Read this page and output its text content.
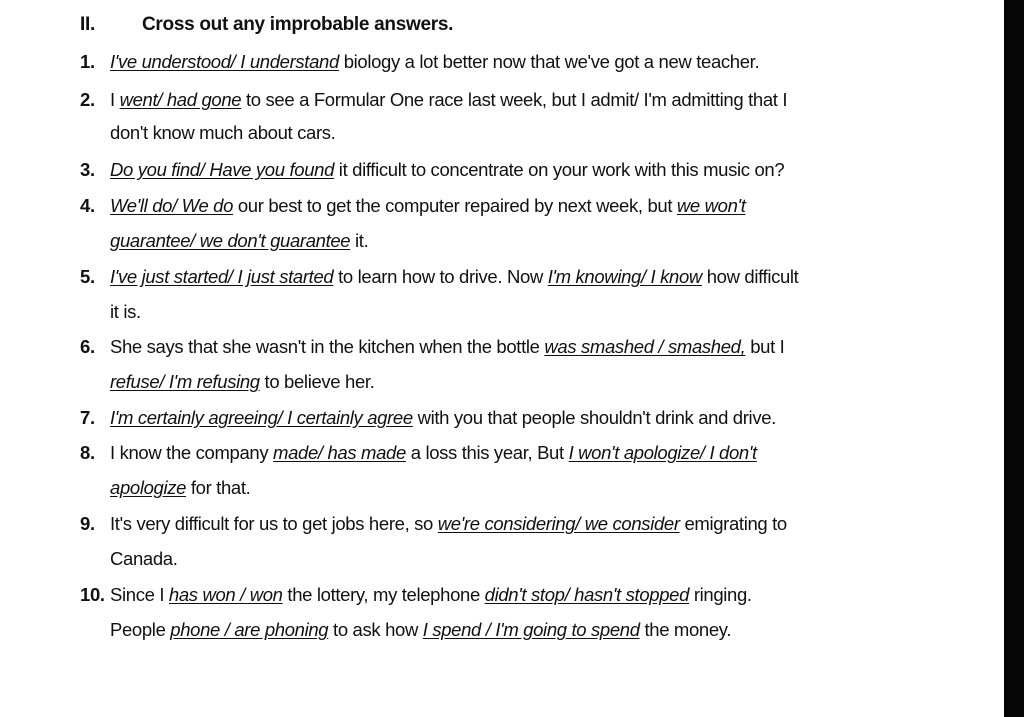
II. Cross out any improbable answers.
1. I've understood/ I understand biology a lot better now that we've got a new teacher.
2. I went/ had gone to see a Formular One race last week, but I admit/ I'm admitting that I
don't know much about cars.
3. Do you find/ Have you found it difficult to concentrate on your work with this music on?
4. We'll do/ We do our best to get the computer repaired by next week, but we won't
guarantee/ we don't guarantee it.
5. I've just started/ I just started to learn how to drive. Now I'm knowing/ I know how difficult
it is.
6. She says that she wasn't in the kitchen when the bottle was smashed / smashed, but I
refuse/ I'm refusing to believe her.
7. I'm certainly agreeing/ I certainly agree with you that people shouldn't drink and drive.
8. I know the company made/ has made a loss this year, But I won't apologize/ I don't
apologize for that.
9. It's very difficult for us to get jobs here, so we're considering/ we consider emigrating to
Canada.
10. Since I has won / won the lottery, my telephone didn't stop/ hasn't stopped ringing.
People phone / are phoning to ask how I spend / I'm going to spend the money.
